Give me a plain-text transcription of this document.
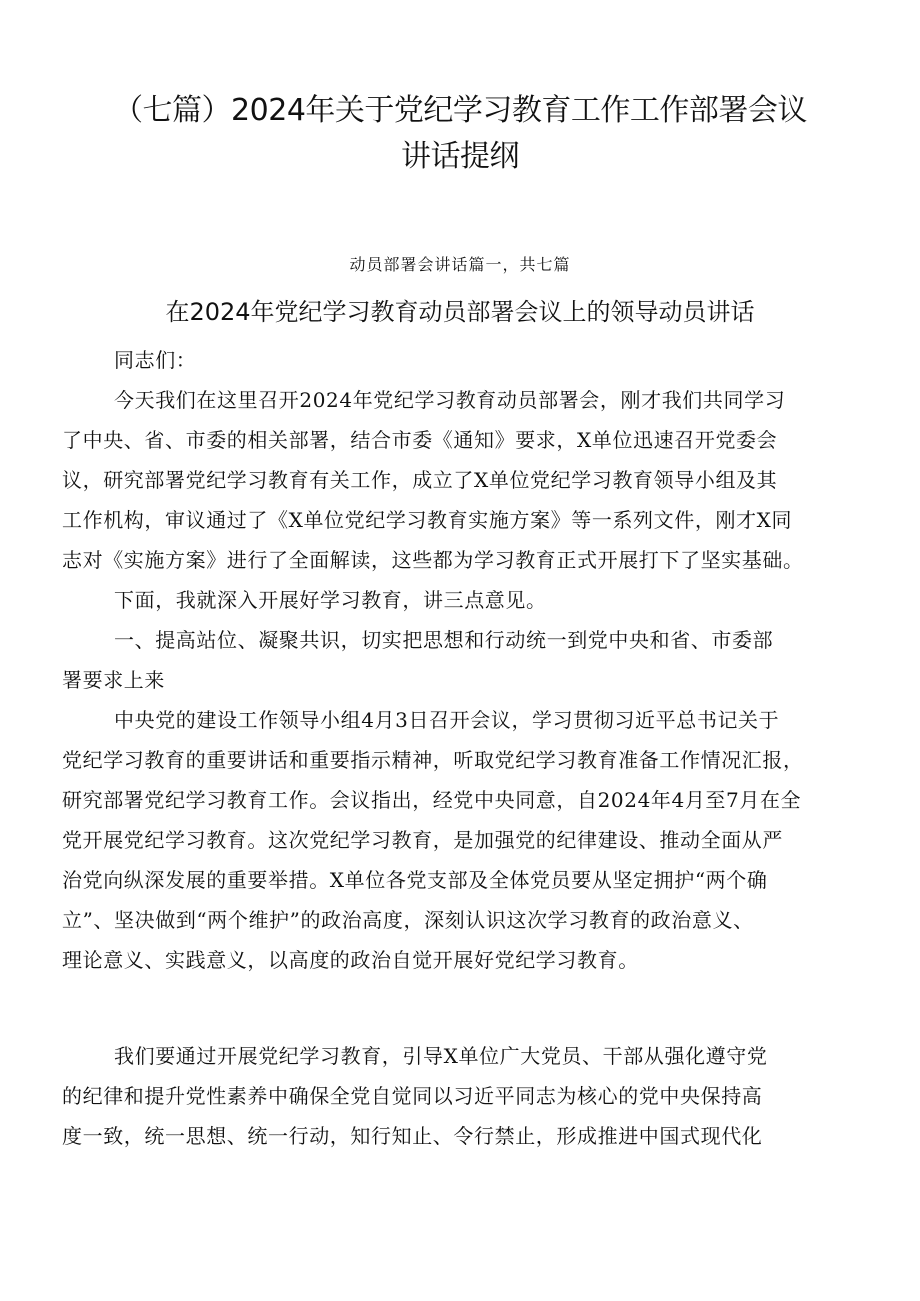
（七篇）2024年关于党纪学习教育工作工作部署会议
讲话提纲
动员部署会讲话篇一，共七篇
在2024年党纪学习教育动员部署会议上的领导动员讲话

同志们：

今天我们在这里召开2024年党纪学习教育动员部署会，刚才我们共同学习
了中央、省、市委的相关部署，结合市委《通知》要求，X单位迅速召开党委会
议，研究部署党纪学习教育有关工作，成立了X单位党纪学习教育领导小组及其
工作机构，审议通过了《X单位党纪学习教育实施方案》等一系列文件，刚才X同
志对《实施方案》进行了全面解读，这些都为学习教育正式开展打下了坚实基础。

下面，我就深入开展好学习教育，讲三点意见。

一、提高站位、凝聚共识，切实把思想和行动统一到党中央和省、市委部
署要求上来

中央党的建设工作领导小组4月3日召开会议，学习贯彻习近平总书记关于
党纪学习教育的重要讲话和重要指示精神，听取党纪学习教育准备工作情况汇报，
研究部署党纪学习教育工作。会议指出，经党中央同意，自2024年4月至7月在全
党开展党纪学习教育。这次党纪学习教育，是加强党的纪律建设、推动全面从严
治党向纵深发展的重要举措。X单位各党支部及全体党员要从坚定拥护“两个确
立”、坚决做到“两个维护”的政治高度，深刻认识这次学习教育的政治意义、
理论意义、实践意义，以高度的政治自觉开展好党纪学习教育。

我们要通过开展党纪学习教育，引导X单位广大党员、干部从强化遵守党
的纪律和提升党性素养中确保全党自觉同以习近平同志为核心的党中央保持高
度一致，统一思想、统一行动，知行知止、令行禁止，形成推进中国式现代化
